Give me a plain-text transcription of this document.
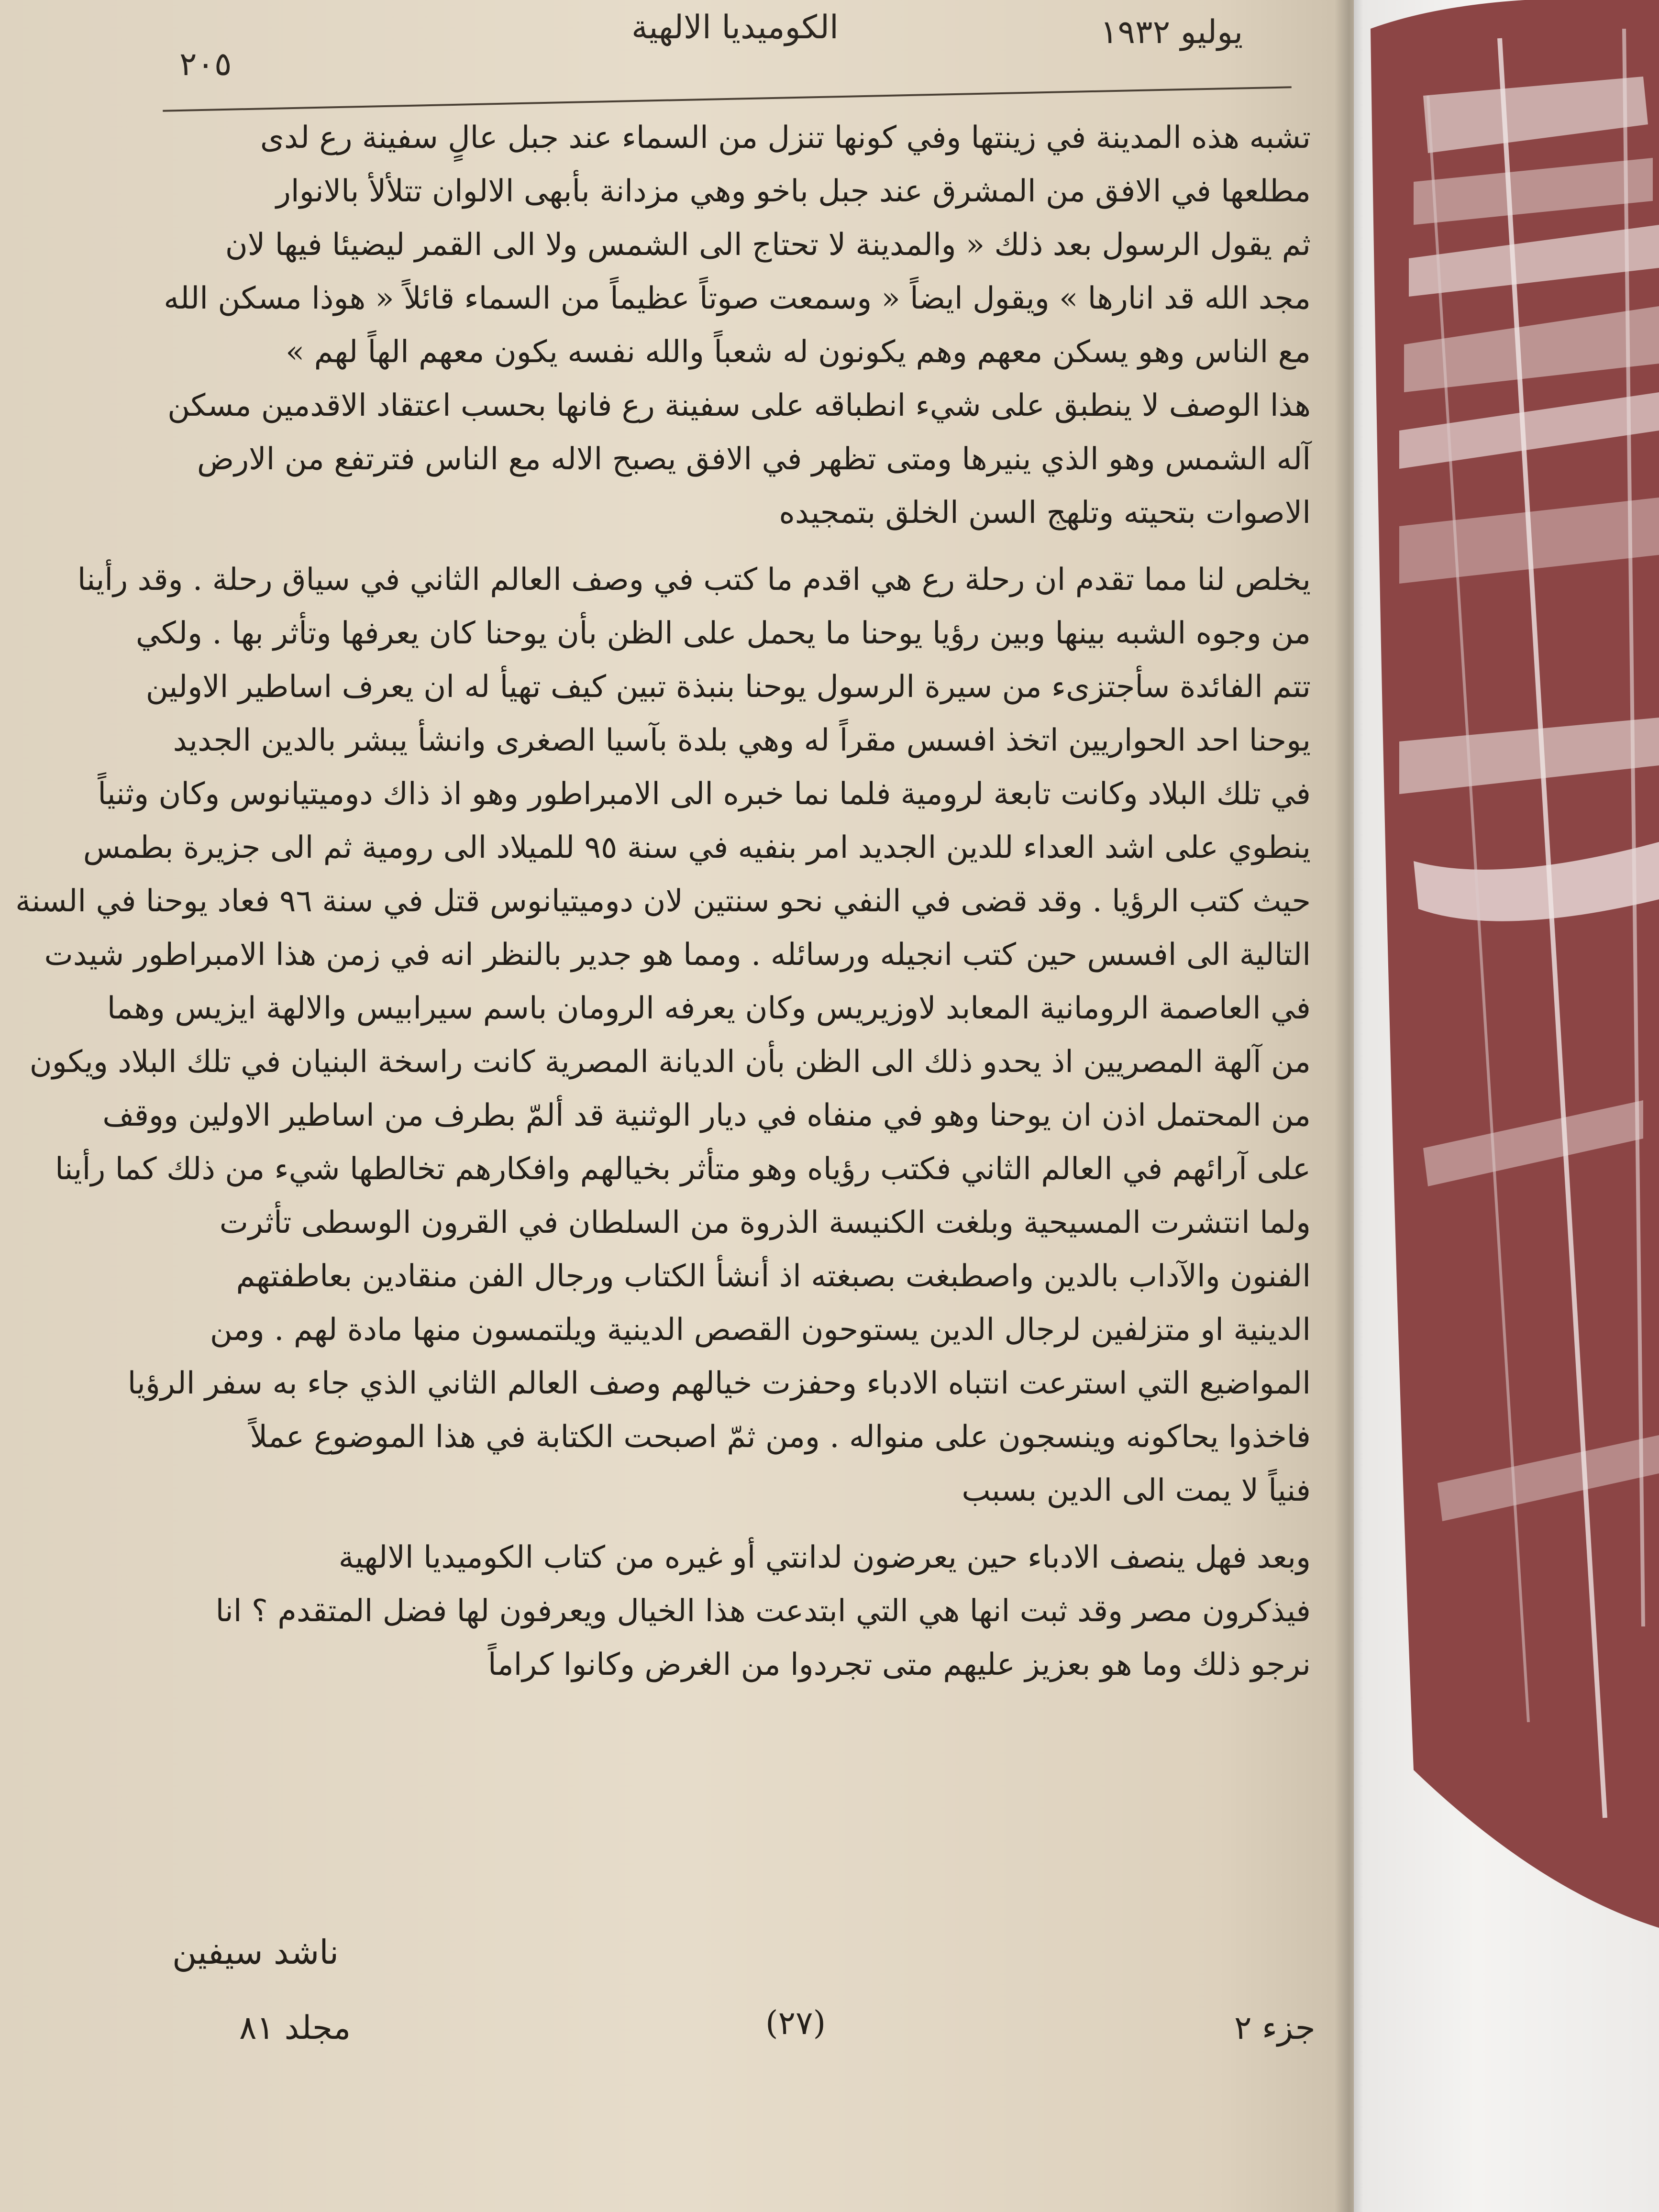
٢٠٥
الكوميديا الالهية	يوليو ١٩٣٢
تشبه هذه المدينة في زينتها وفي كونها تنزل من السماء عند جبل عالٍ سفينة رع لدى
مطلعها في الافق من المشرق عند جبل باخو وهي مزدانة بأبهى الالوان تتلألأ بالانوار
ثم يقول الرسول بعد ذلك « والمدينة لا تحتاج الى الشمس ولا الى القمر ليضيئا فيها لان
مجد الله قد انارها » ويقول ايضاً « وسمعت صوتاً عظيماً من السماء قائلاً « هوذا مسكن الله
مع الناس وهو يسكن معهم وهم يكونون له شعباً والله نفسه يكون معهم الهاً لهم »
هذا الوصف لا ينطبق على شيء انطباقه على سفينة رع فانها بحسب اعتقاد الاقدمين مسكن
آله الشمس وهو الذي ينيرها ومتى تظهر في الافق يصبح الاله مع الناس فترتفع من الارض
الاصوات بتحيته وتلهج السن الخلق بتمجيده
يخلص لنا مما تقدم ان رحلة رع هي اقدم ما كتب في وصف العالم الثاني في سياق رحلة . وقد رأينا
من وجوه الشبه بينها وبين رؤيا يوحنا ما يحمل على الظن بأن يوحنا كان يعرفها وتأثر بها . ولكي
تتم الفائدة سأجتزىء من سيرة الرسول يوحنا بنبذة تبين كيف تهيأ له ان يعرف اساطير الاولين
يوحنا احد الحواريين اتخذ افسس مقراً له وهي بلدة بآسيا الصغرى وانشأ يبشر بالدين الجديد
في تلك البلاد وكانت تابعة لرومية فلما نما خبره الى الامبراطور وهو اذ ذاك دوميتيانوس وكان وثنياً
ينطوي على اشد العداء للدين الجديد امر بنفيه في سنة ٩٥ للميلاد الى رومية ثم الى جزيرة بطمس
حيث كتب الرؤيا . وقد قضى في النفي نحو سنتين لان دوميتيانوس قتل في سنة ٩٦ فعاد يوحنا في السنة
التالية الى افسس حين كتب انجيله ورسائله . ومما هو جدير بالنظر انه في زمن هذا الامبراطور شيدت
في العاصمة الرومانية المعابد لاوزيريس وكان يعرفه الرومان باسم سيرابيس والالهة ايزيس وهما
من آلهة المصريين اذ يحدو ذلك الى الظن بأن الديانة المصرية كانت راسخة البنيان في تلك البلاد ويكون
من المحتمل اذن ان يوحنا وهو في منفاه في ديار الوثنية قد ألمّ بطرف من اساطير الاولين ووقف
على آرائهم في العالم الثاني فكتب رؤياه وهو متأثر بخيالهم وافكارهم تخالطها شيء من ذلك كما رأينا
ولما انتشرت المسيحية وبلغت الكنيسة الذروة من السلطان في القرون الوسطى تأثرت
الفنون والآداب بالدين واصطبغت بصبغته اذ أنشأ الكتاب ورجال الفن منقادين بعاطفتهم
الدينية او متزلفين لرجال الدين يستوحون القصص الدينية ويلتمسون منها مادة لهم . ومن
المواضيع التي استرعت انتباه الادباء وحفزت خيالهم وصف العالم الثاني الذي جاء به سفر الرؤيا
فاخذوا يحاكونه وينسجون على منواله . ومن ثمّ اصبحت الكتابة في هذا الموضوع عملاً
فنياً لا يمت الى الدين بسبب
وبعد فهل ينصف الادباء حين يعرضون لدانتي أو غيره من كتاب الكوميديا الالهية
فيذكرون مصر وقد ثبت انها هي التي ابتدعت هذا الخيال ويعرفون لها فضل المتقدم ؟ انا
نرجو ذلك وما هو بعزيز عليهم متى تجردوا من الغرض وكانوا كراماً
ناشد سيفين
مجلد ٨١	(٢٧)	جزء ٢
